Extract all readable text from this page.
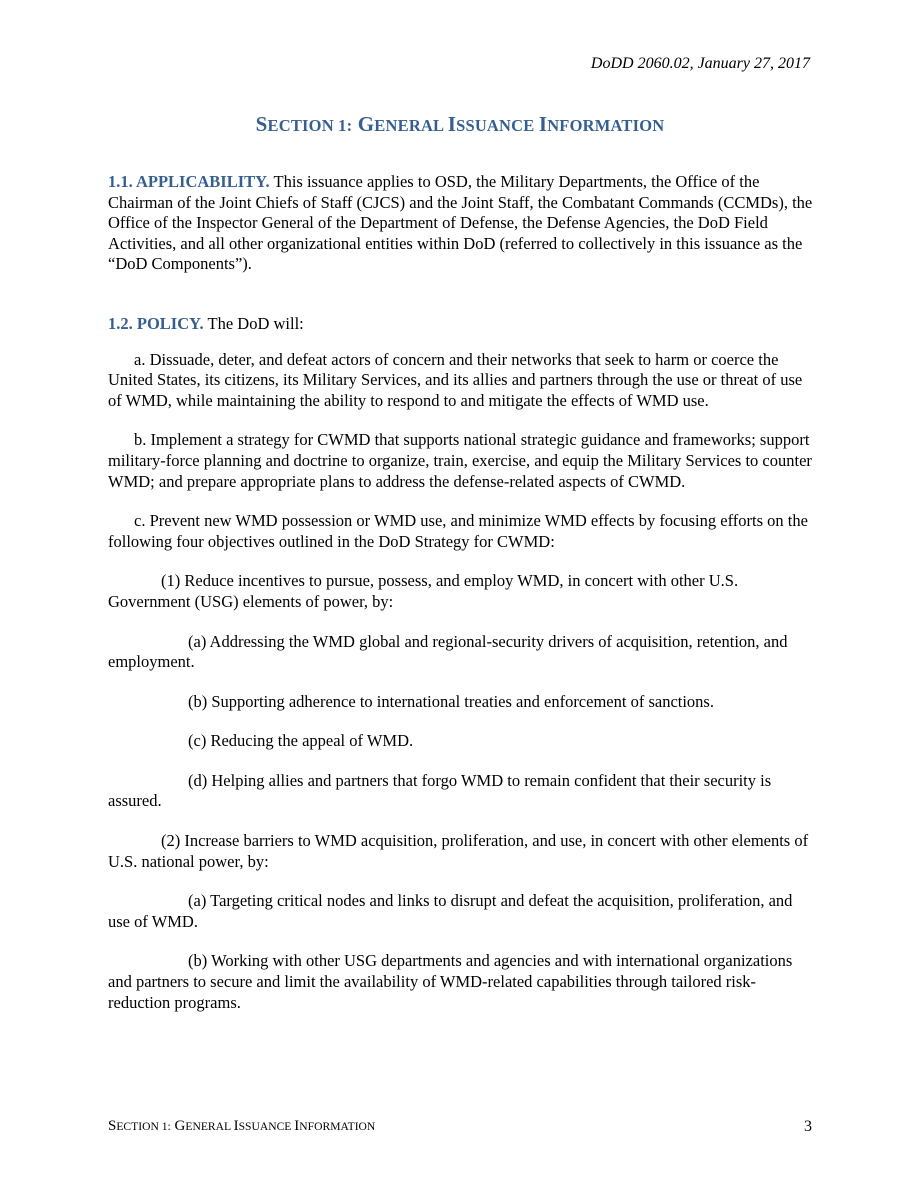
DoDD 2060.02, January 27, 2017
SECTION 1: GENERAL ISSUANCE INFORMATION

1.1. APPLICABILITY. This issuance applies to OSD, the Military Departments, the Office of the Chairman of the Joint Chiefs of Staff (CJCS) and the Joint Staff, the Combatant Commands (CCMDs), the Office of the Inspector General of the Department of Defense, the Defense Agencies, the DoD Field Activities, and all other organizational entities within DoD (referred to collectively in this issuance as the “DoD Components”).

1.2. POLICY. The DoD will:

a. Dissuade, deter, and defeat actors of concern and their networks that seek to harm or coerce the United States, its citizens, its Military Services, and its allies and partners through the use or threat of use of WMD, while maintaining the ability to respond to and mitigate the effects of WMD use.

b. Implement a strategy for CWMD that supports national strategic guidance and frameworks; support military-force planning and doctrine to organize, train, exercise, and equip the Military Services to counter WMD; and prepare appropriate plans to address the defense-related aspects of CWMD.

c. Prevent new WMD possession or WMD use, and minimize WMD effects by focusing efforts on the following four objectives outlined in the DoD Strategy for CWMD:

(1) Reduce incentives to pursue, possess, and employ WMD, in concert with other U.S. Government (USG) elements of power, by:

(a) Addressing the WMD global and regional-security drivers of acquisition, retention, and employment.

(b) Supporting adherence to international treaties and enforcement of sanctions.

(c) Reducing the appeal of WMD.

(d) Helping allies and partners that forgo WMD to remain confident that their security is assured.

(2) Increase barriers to WMD acquisition, proliferation, and use, in concert with other elements of U.S. national power, by:

(a) Targeting critical nodes and links to disrupt and defeat the acquisition, proliferation, and use of WMD.

(b) Working with other USG departments and agencies and with international organizations and partners to secure and limit the availability of WMD-related capabilities through tailored risk-reduction programs.

SECTION 1: GENERAL ISSUANCE INFORMATION	3
